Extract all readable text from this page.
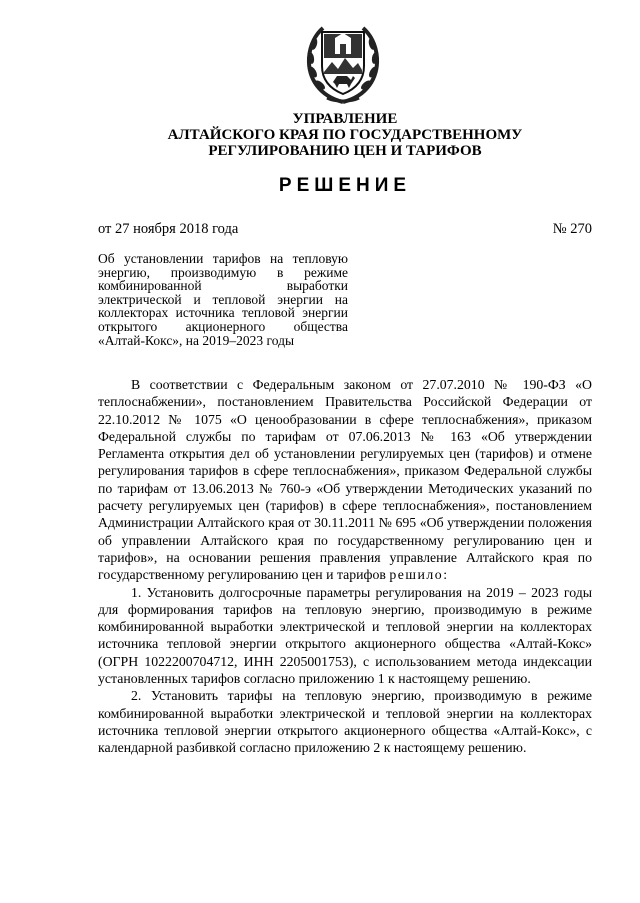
УПРАВЛЕНИЕ
АЛТАЙСКОГО КРАЯ ПО ГОСУДАРСТВЕННОМУ
РЕГУЛИРОВАНИЮ ЦЕН И ТАРИФОВ
РЕШЕНИЕ
от 27 ноября 2018 года	№ 270
Об установлении тарифов на тепловую энергию, производимую в режиме комбинированной выработки электрической и тепловой энергии на коллекторах источника тепловой энергии открытого акционерного общества «Алтай-Кокс», на 2019–2023 годы

В соответствии с Федеральным законом от 27.07.2010 № 190-ФЗ «О теплоснабжении», постановлением Правительства Российской Федерации от 22.10.2012 № 1075 «О ценообразовании в сфере теплоснабжения», приказом Федеральной службы по тарифам от 07.06.2013 № 163 «Об утверждении Регламента открытия дел об установлении регулируемых цен (тарифов) и отмене регулирования тарифов в сфере теплоснабжения», приказом Федеральной службы по тарифам от 13.06.2013 № 760-э «Об утверждении Методических указаний по расчету регулируемых цен (тарифов) в сфере теплоснабжения», постановлением Администрации Алтайского края от 30.11.2011 № 695 «Об утверждении положения об управлении Алтайского края по государственному регулированию цен и тарифов», на основании решения правления управление Алтайского края по государственному регулированию цен и тарифов решило:

1. Установить долгосрочные параметры регулирования на 2019 – 2023 годы для формирования тарифов на тепловую энергию, производимую в режиме комбинированной выработки электрической и тепловой энергии на коллекторах источника тепловой энергии открытого акционерного общества «Алтай-Кокс» (ОГРН 1022200704712, ИНН 2205001753), с использованием метода индексации установленных тарифов согласно приложению 1 к настоящему решению.

2. Установить тарифы на тепловую энергию, производимую в режиме комбинированной выработки электрической и тепловой энергии на коллекторах источника тепловой энергии открытого акционерного общества «Алтай-Кокс», с календарной разбивкой согласно приложению 2 к настоящему решению.
